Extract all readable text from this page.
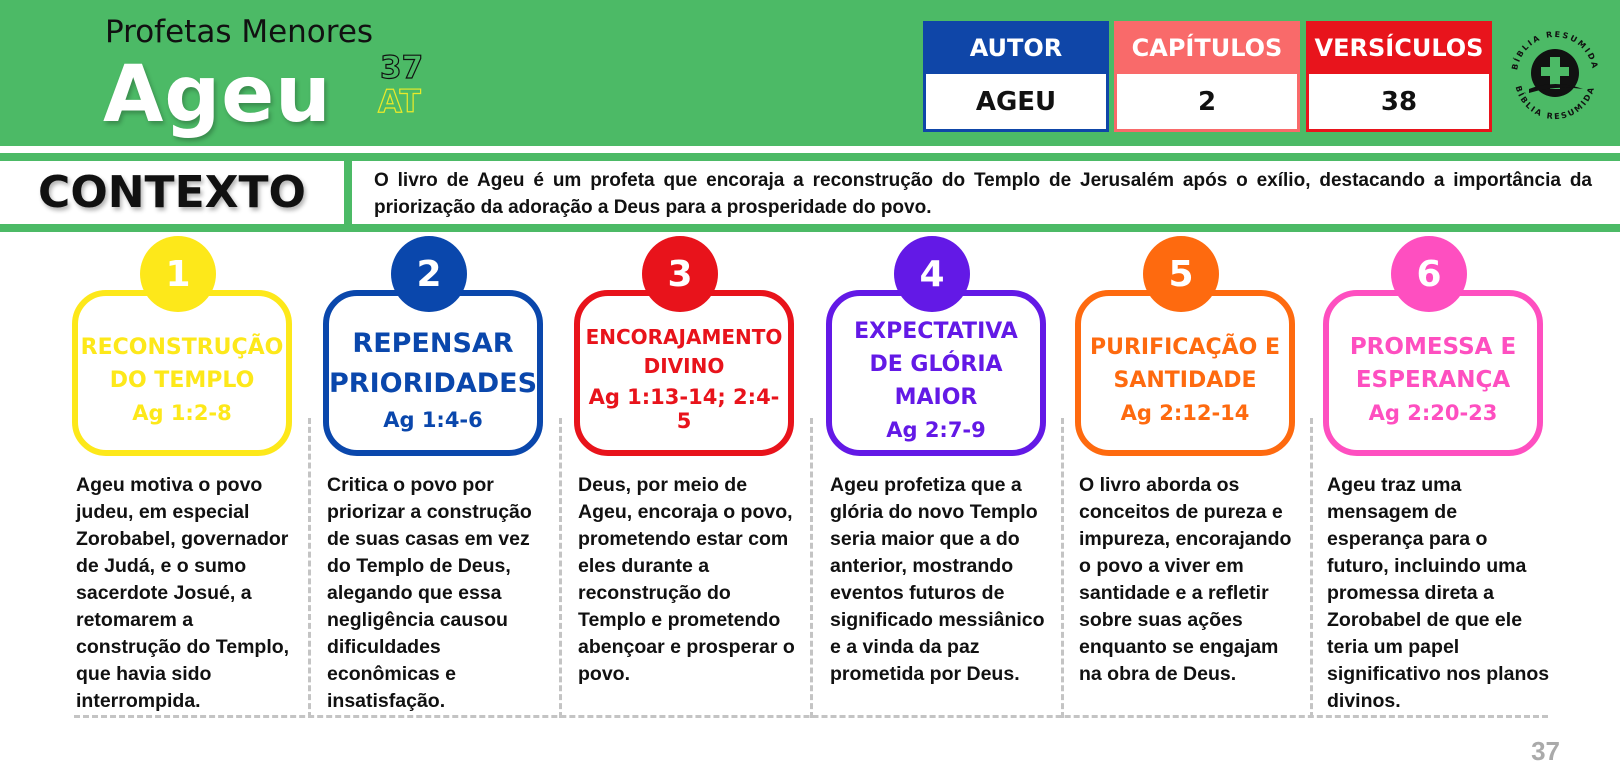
Profetas Menores
Ageu 37
AT
AUTOR
AGEU
CAPÍTULOS
2
VERSÍCULOS
38
BÍBLIA RESUMIDA
BÍBLIA RESUMIDA
CONTEXTO	O livro de Ageu é um profeta que encoraja a reconstrução do Templo de Jerusalém após o exílio, destacando a importância da priorização da adoração a Deus para a prosperidade do povo.
1
RECONSTRUÇÃO DO TEMPLO
Ag 1:2-8
Ageu motiva o povo judeu, em especial Zorobabel, governador de Judá, e o sumo sacerdote Josué, a retomarem a construção do Templo, que havia sido interrompida.
2
REPENSAR PRIORIDADES
Ag 1:4-6
Critica o povo por priorizar a construção de suas casas em vez do Templo de Deus, alegando que essa negligência causou dificuldades econômicas e insatisfação.
3
ENCORAJAMENTO DIVINO
Ag 1:13-14; 2:4-5
Deus, por meio de Ageu, encoraja o povo, prometendo estar com eles durante a reconstrução do Templo e prometendo abençoar e prosperar o povo.
4
EXPECTATIVA DE GLÓRIA MAIOR
Ag 2:7-9
Ageu profetiza que a glória do novo Templo seria maior que a do anterior, mostrando eventos futuros de significado messiânico e a vinda da paz prometida por Deus.
5
PURIFICAÇÃO E SANTIDADE
Ag 2:12-14
O livro aborda os conceitos de pureza e impureza, encorajando o povo a viver em santidade e a refletir sobre suas ações enquanto se engajam na obra de Deus.
6
PROMESSA E ESPERANÇA
Ag 2:20-23
Ageu traz uma mensagem de esperança para o futuro, incluindo uma promessa direta a Zorobabel de que ele teria um papel significativo nos planos divinos.
37
